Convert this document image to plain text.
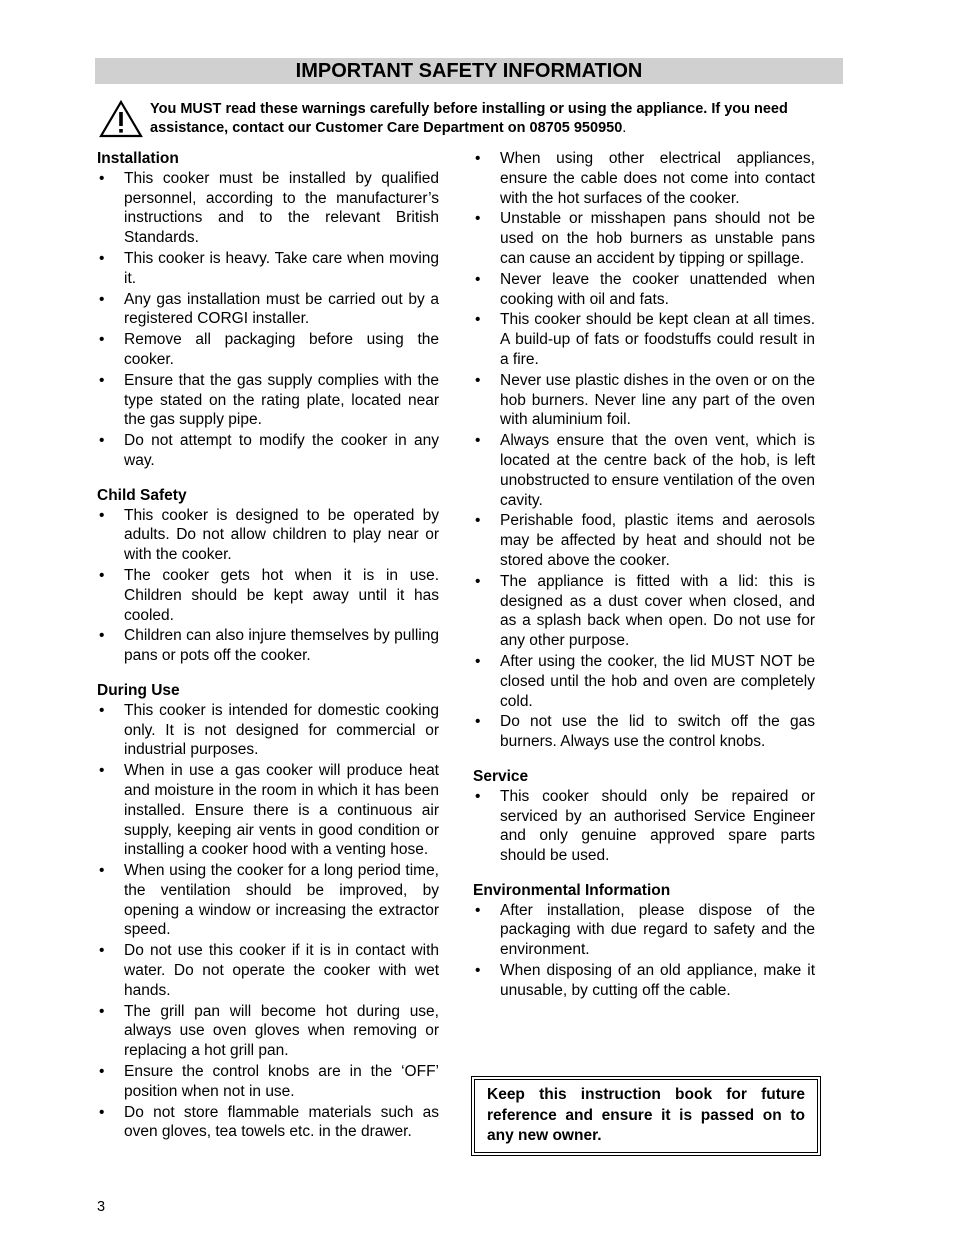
IMPORTANT SAFETY INFORMATION
You MUST read these warnings carefully before installing or using the appliance. If you need assistance, contact our Customer Care Department on 08705 950950.

Installation

• This cooker must be installed by qualified personnel, according to the manufacturer’s instructions and to the relevant British Standards.
• This cooker is heavy. Take care when moving it.
• Any gas installation must be carried out by a registered CORGI installer.
• Remove all packaging before using the cooker.
• Ensure that the gas supply complies with the type stated on the rating plate, located near the gas supply pipe.
• Do not attempt to modify the cooker in any way.

Child Safety

• This cooker is designed to be operated by adults. Do not allow children to play near or with the cooker.
• The cooker gets hot when it is in use. Children should be kept away until it has cooled.
• Children can also injure themselves by pulling pans or pots off the cooker.

During Use

• This cooker is intended for domestic cooking only. It is not designed for commercial or industrial purposes.
• When in use a gas cooker will produce heat and moisture in the room in which it has been installed. Ensure there is a continuous air supply, keeping air vents in good condition or installing a cooker hood with a venting hose.
• When using the cooker for a long period time, the ventilation should be improved, by opening a window or increasing the extractor speed.
• Do not use this cooker if it is in contact with water. Do not operate the cooker with wet hands.
• The grill pan will become hot during use, always use oven gloves when removing or replacing a hot grill pan.
• Ensure the control knobs are in the ‘OFF’ position when not in use.
• Do not store flammable materials such as oven gloves, tea towels etc. in the drawer.
• When using other electrical appliances, ensure the cable does not come into contact with the hot surfaces of the cooker.
• Unstable or misshapen pans should not be used on the hob burners as unstable pans can cause an accident by tipping or spillage.
• Never leave the cooker unattended when cooking with oil and fats.
• This cooker should be kept clean at all times. A build-up of fats or foodstuffs could result in a fire.
• Never use plastic dishes in the oven or on the hob burners. Never line any part of the oven with aluminium foil.
• Always ensure that the oven vent, which is located at the centre back of the hob, is left unobstructed to ensure ventilation of the oven cavity.
• Perishable food, plastic items and aerosols may be affected by heat and should not be stored above the cooker.
• The appliance is fitted with a lid: this is designed as a dust cover when closed, and as a splash back when open. Do not use for any other purpose.
• After using the cooker, the lid MUST NOT be closed until the hob and oven are completely cold.
• Do not use the lid to switch off the gas burners. Always use the control knobs.

Service

• This cooker should only be repaired or serviced by an authorised Service Engineer and only genuine approved spare parts should be used.

Environmental Information

• After installation, please dispose of the packaging with due regard to safety and the environment.
• When disposing of an old appliance, make it unusable, by cutting off the cable.

Keep this instruction book for future reference and ensure it is passed on to any new owner.

3
